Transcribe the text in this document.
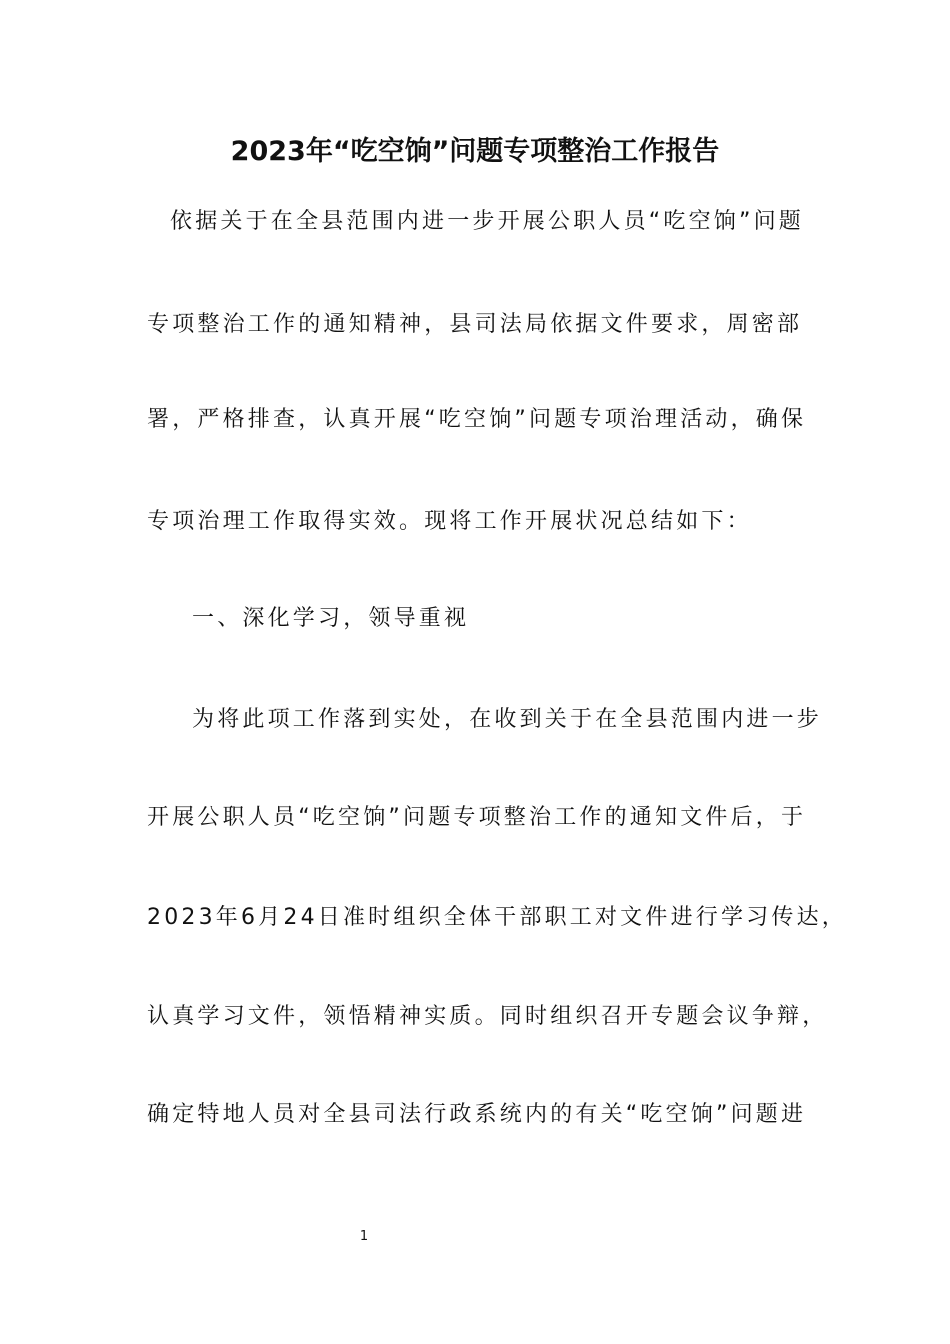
2023年“吃空饷”问题专项整治工作报告
依据关于在全县范围内进一步开展公职人员“吃空饷”问题
专项整治工作的通知精神，县司法局依据文件要求，周密部
署，严格排查，认真开展“吃空饷”问题专项治理活动，确保
专项治理工作取得实效。现将工作开展状况总结如下：
一、深化学习，领导重视
为将此项工作落到实处，在收到关于在全县范围内进一步
开展公职人员“吃空饷”问题专项整治工作的通知文件后，于
2023年6月24日准时组织全体干部职工对文件进行学习传达，
认真学习文件，领悟精神实质。同时组织召开专题会议争辩，
确定特地人员对全县司法行政系统内的有关“吃空饷”问题进
1
